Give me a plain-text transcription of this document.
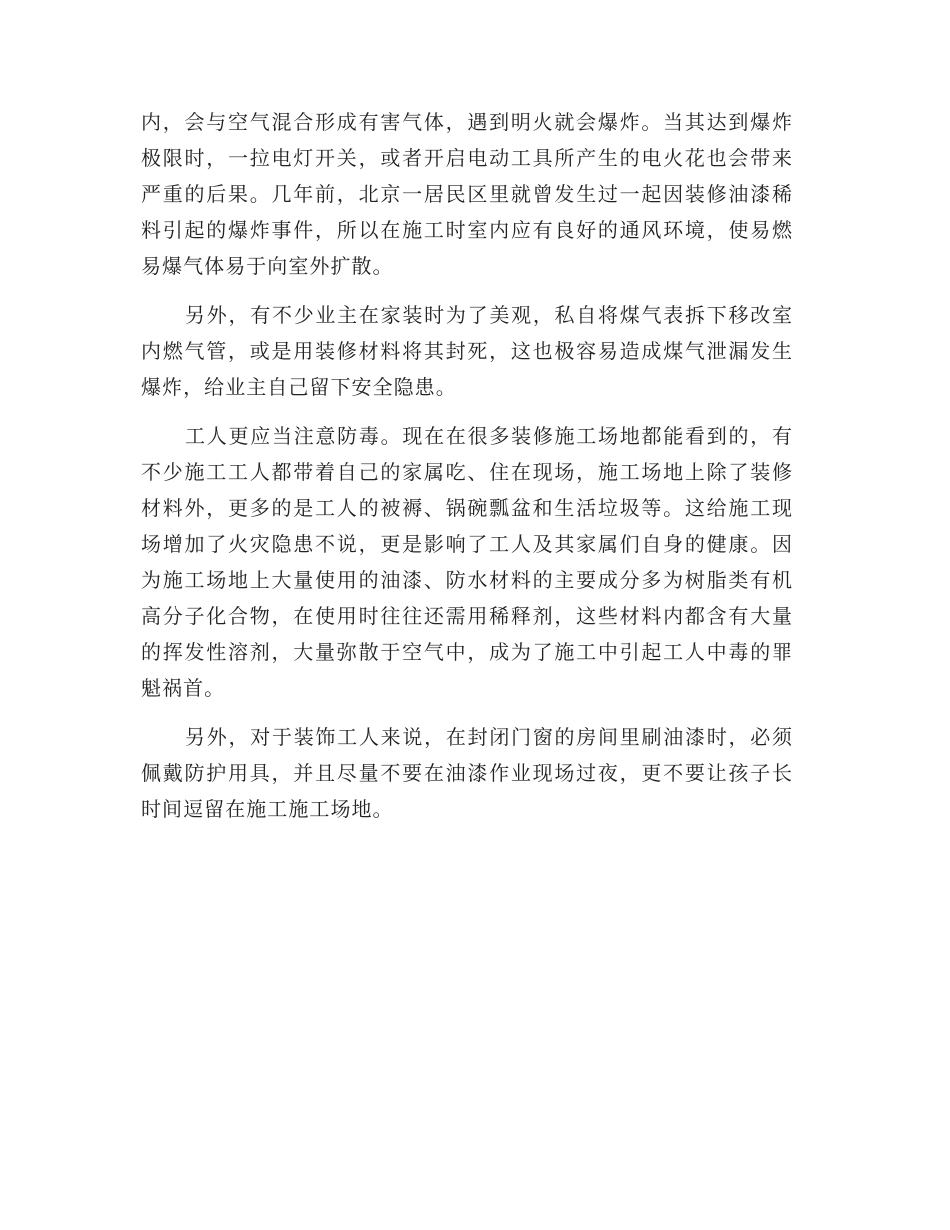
内，会与空气混合形成有害气体，遇到明火就会爆炸。当其达到爆炸极限时，一拉电灯开关，或者开启电动工具所产生的电火花也会带来严重的后果。几年前，北京一居民区里就曾发生过一起因装修油漆稀料引起的爆炸事件，所以在施工时室内应有良好的通风环境，使易燃易爆气体易于向室外扩散。

另外，有不少业主在家装时为了美观，私自将煤气表拆下移改室内燃气管，或是用装修材料将其封死，这也极容易造成煤气泄漏发生爆炸，给业主自己留下安全隐患。

工人更应当注意防毒。现在在很多装修施工场地都能看到的，有不少施工工人都带着自己的家属吃、住在现场，施工场地上除了装修材料外，更多的是工人的被褥、锅碗瓢盆和生活垃圾等。这给施工现场增加了火灾隐患不说，更是影响了工人及其家属们自身的健康。因为施工场地上大量使用的油漆、防水材料的主要成分多为树脂类有机高分子化合物，在使用时往往还需用稀释剂，这些材料内都含有大量的挥发性溶剂，大量弥散于空气中，成为了施工中引起工人中毒的罪魁祸首。

另外，对于装饰工人来说，在封闭门窗的房间里刷油漆时，必须佩戴防护用具，并且尽量不要在油漆作业现场过夜，更不要让孩子长时间逗留在施工施工场地。
